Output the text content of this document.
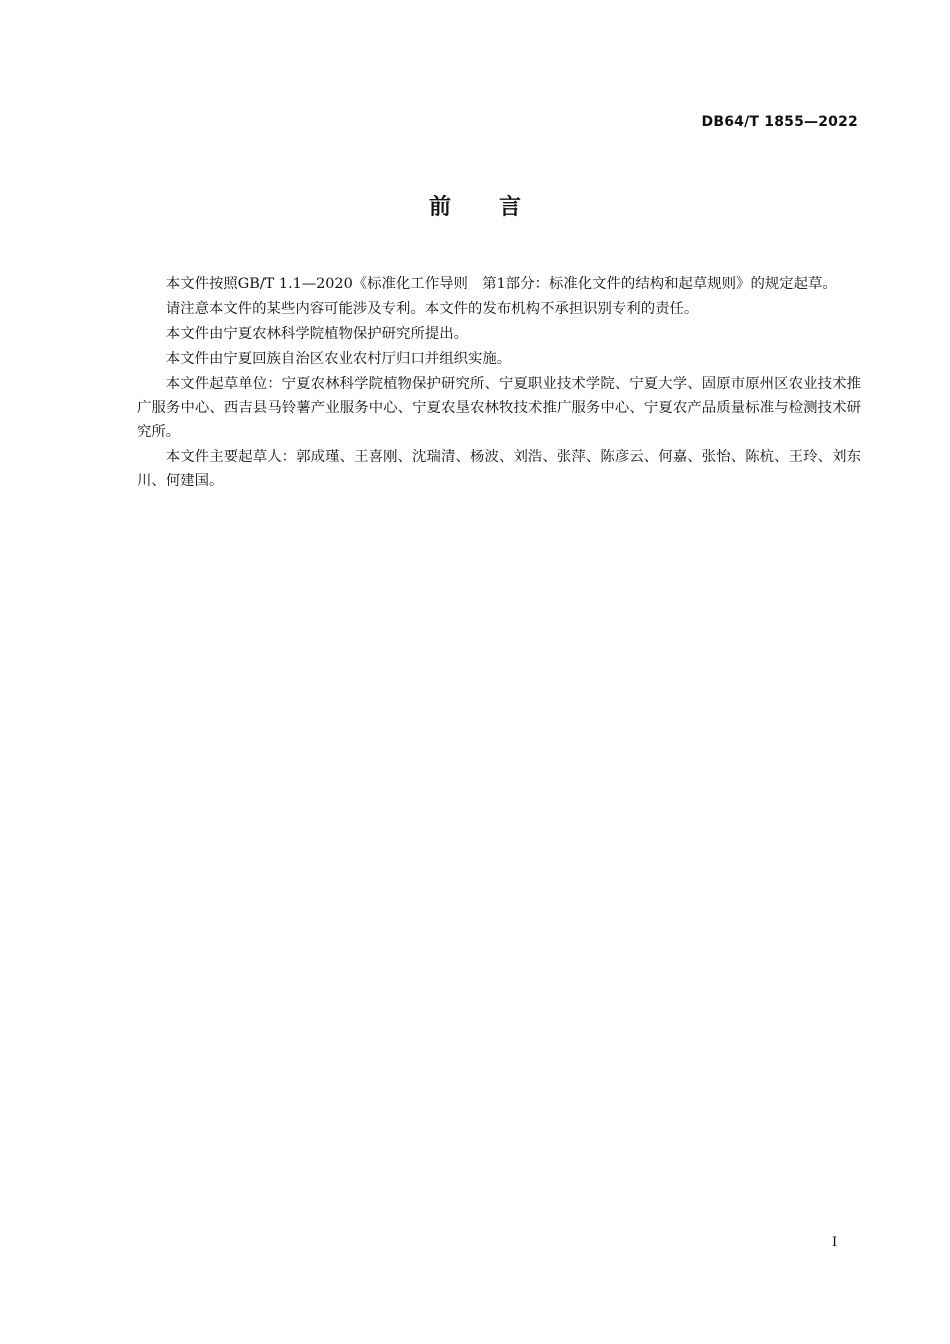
DB64/T 1855—2022

前言

本文件按照GB/T 1.1—2020《标准化工作导则　第1部分：标准化文件的结构和起草规则》的规定起草。

请注意本文件的某些内容可能涉及专利。本文件的发布机构不承担识别专利的责任。

本文件由宁夏农林科学院植物保护研究所提出。

本文件由宁夏回族自治区农业农村厅归口并组织实施。

本文件起草单位：宁夏农林科学院植物保护研究所、宁夏职业技术学院、宁夏大学、固原市原州区农业技术推广服务中心、西吉县马铃薯产业服务中心、宁夏农垦农林牧技术推广服务中心、宁夏农产品质量标准与检测技术研究所。

本文件主要起草人：郭成瑾、王喜刚、沈瑞清、杨波、刘浩、张萍、陈彦云、何嘉、张怡、陈杭、王玲、刘东川、何建国。

I
